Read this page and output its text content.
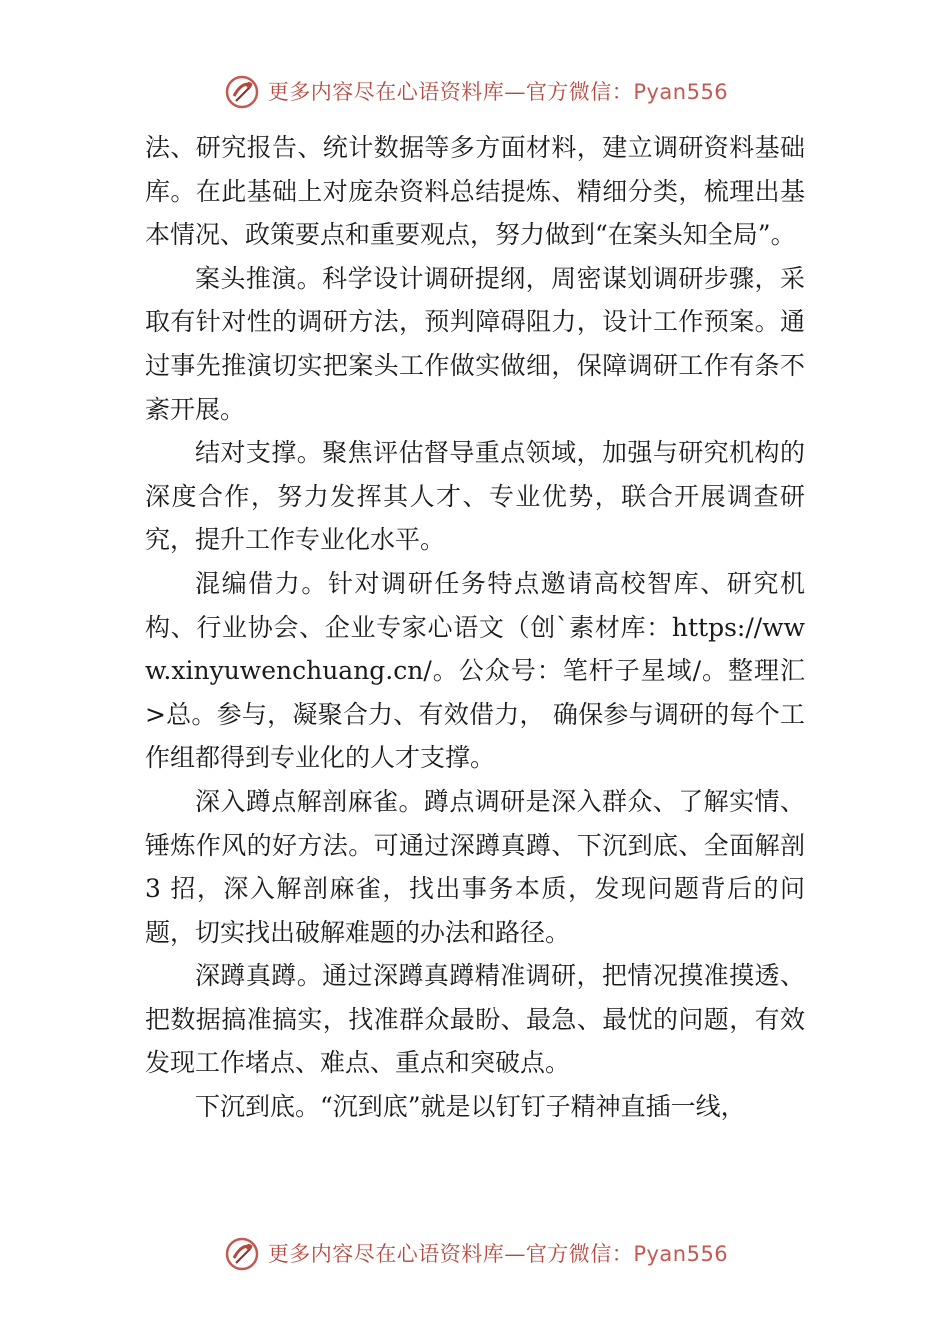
更多内容尽在心语资料库—官方微信：Pyan556

法、研究报告、统计数据等多方面材料，建立调研资料基础库。在此基础上对庞杂资料总结提炼、精细分类，梳理出基本情况、政策要点和重要观点，努力做到“在案头知全局”。

案头推演。科学设计调研提纲，周密谋划调研步骤，采取有针对性的调研方法，预判障碍阻力，设计工作预案。通过事先推演切实把案头工作做实做细，保障调研工作有条不紊开展。

结对支撑。聚焦评估督导重点领域，加强与研究机构的深度合作，努力发挥其人才、专业优势，联合开展调查研究，提升工作专业化水平。

混编借力。针对调研任务特点邀请高校智库、研究机构、行业协会、企业专家心语文（创`素材库：https://www.xinyuwenchuang.cn/。公众号：笔杆子星域/。整理汇>总。参与，凝聚合力、有效借力， 确保参与调研的每个工作组都得到专业化的人才支撑。

深入蹲点解剖麻雀。蹲点调研是深入群众、了解实情、锤炼作风的好方法。可通过深蹲真蹲、下沉到底、全面解剖 3 招，深入解剖麻雀，找出事务本质，发现问题背后的问题，切实找出破解难题的办法和路径。

深蹲真蹲。通过深蹲真蹲精准调研，把情况摸准摸透、把数据搞准搞实，找准群众最盼、最急、最忧的问题，有效发现工作堵点、难点、重点和突破点。

下沉到底。“沉到底”就是以钉钉子精神直插一线，

更多内容尽在心语资料库—官方微信：Pyan556
